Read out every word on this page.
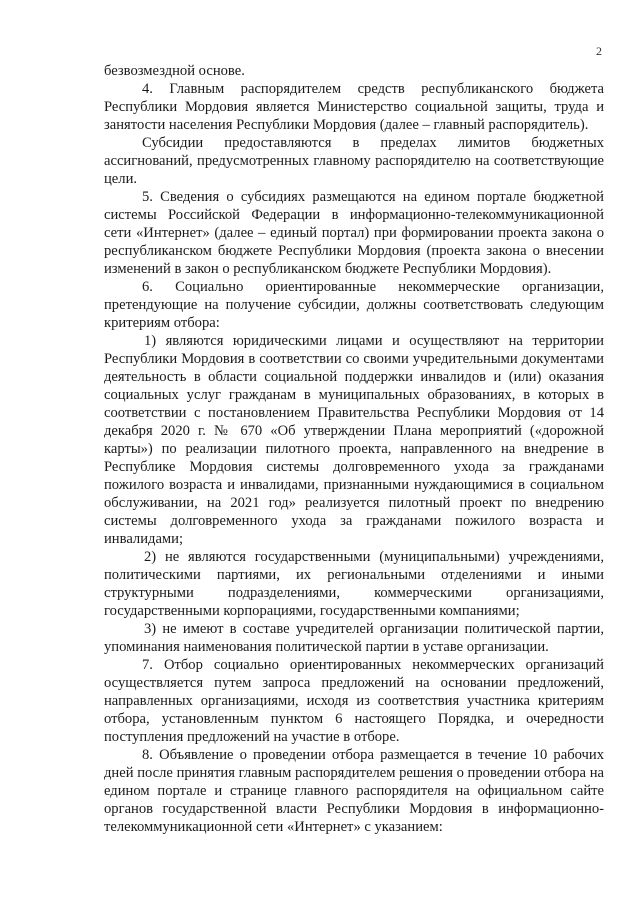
2

безвозмездной основе.

4. Главным распорядителем средств республиканского бюджета Республики Мордовия является Министерство социальной защиты, труда и занятости населения Республики Мордовия (далее – главный распорядитель).

Субсидии предоставляются в пределах лимитов бюджетных ассигнований, предусмотренных главному распорядителю на соответствующие цели.

5. Сведения о субсидиях размещаются на едином портале бюджетной системы Российской Федерации в информационно-телекоммуникационной сети «Интернет» (далее – единый портал) при формировании проекта закона о республиканском бюджете Республики Мордовия (проекта закона о внесении изменений в закон о республиканском бюджете Республики Мордовия).

6. Социально ориентированные некоммерческие организации, претендующие на получение субсидии, должны соответствовать следующим критериям отбора:

1) являются юридическими лицами и осуществляют на территории Республики Мордовия в соответствии со своими учредительными документами деятельность в области социальной поддержки инвалидов и (или) оказания социальных услуг гражданам в муниципальных образованиях, в которых в соответствии с постановлением Правительства Республики Мордовия от 14 декабря 2020 г. № 670 «Об утверждении Плана мероприятий («дорожной карты») по реализации пилотного проекта, направленного на внедрение в Республике Мордовия системы долговременного ухода за гражданами пожилого возраста и инвалидами, признанными нуждающимися в социальном обслуживании, на 2021 год» реализуется пилотный проект по внедрению системы долговременного ухода за гражданами пожилого возраста и инвалидами;

2) не являются государственными (муниципальными) учреждениями, политическими партиями, их региональными отделениями и иными структурными подразделениями, коммерческими организациями, государственными корпорациями, государственными компаниями;

3) не имеют в составе учредителей организации политической партии, упоминания наименования политической партии в уставе организации.

7. Отбор социально ориентированных некоммерческих организаций осуществляется путем запроса предложений на основании предложений, направленных организациями, исходя из соответствия участника критериям отбора, установленным пунктом 6 настоящего Порядка, и очередности поступления предложений на участие в отборе.

8. Объявление о проведении отбора размещается в течение 10 рабочих дней после принятия главным распорядителем решения о проведении отбора на едином портале и странице главного распорядителя на официальном сайте органов государственной власти Республики Мордовия в информационно-телекоммуникационной сети «Интернет» с указанием:
